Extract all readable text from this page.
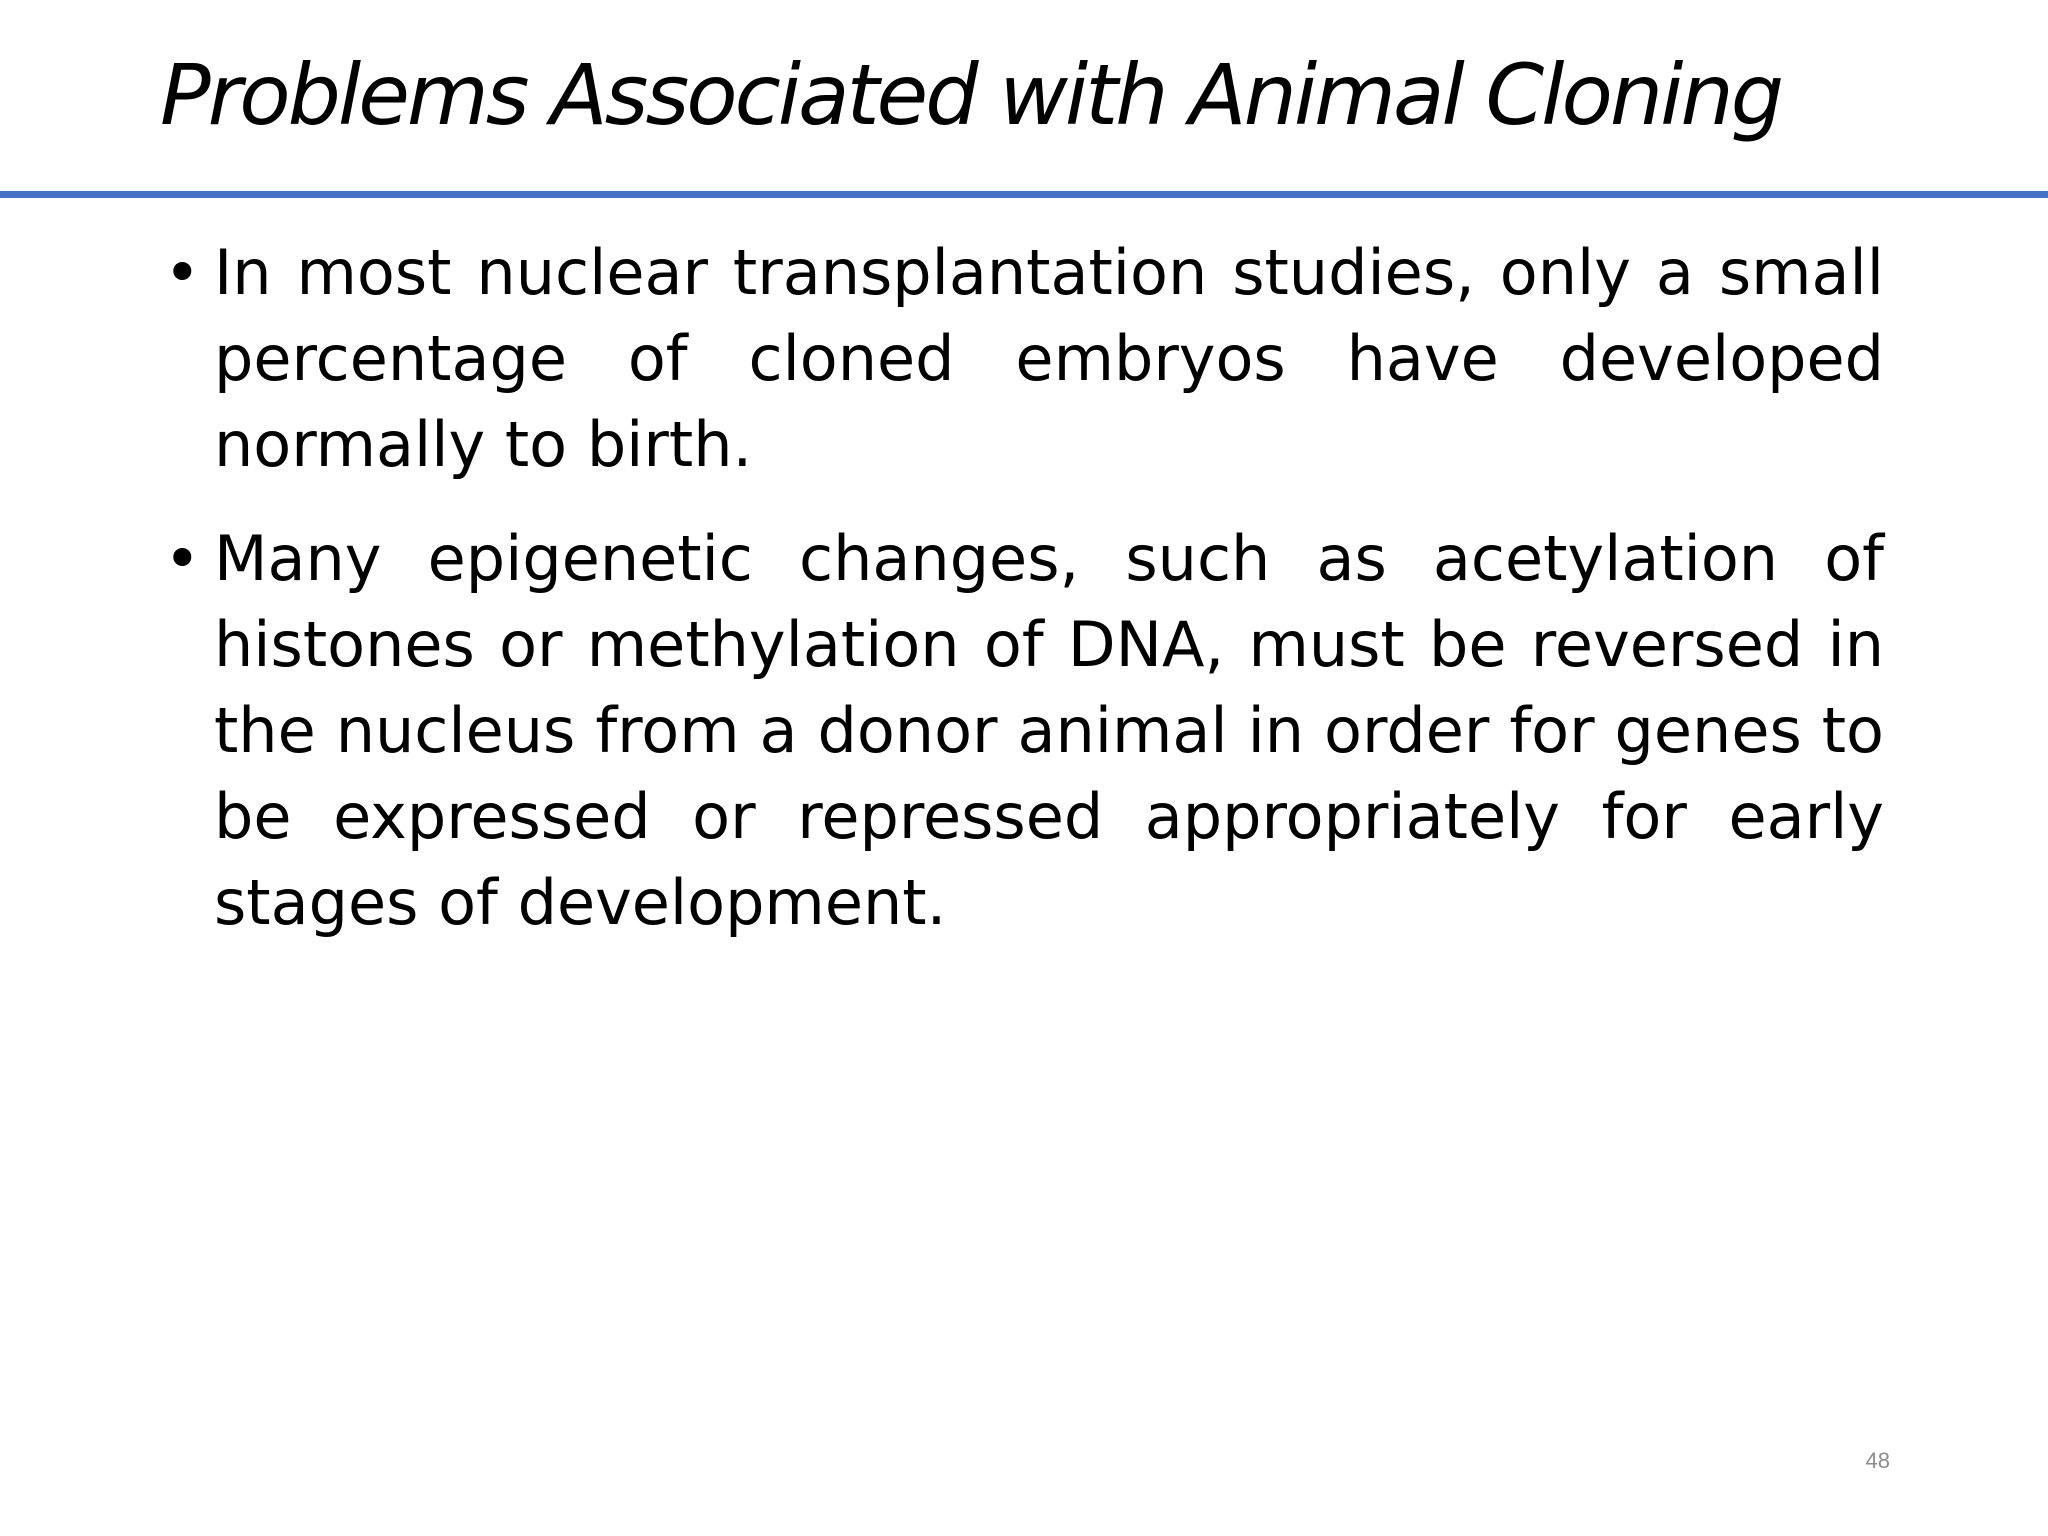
Problems Associated with Animal Cloning
• In most nuclear transplantation studies, only a small percentage of cloned embryos have developed normally to birth.
• Many epigenetic changes, such as acetylation of histones or methylation of DNA, must be reversed in the nucleus from a donor animal in order for genes to be expressed or repressed appropriately for early stages of development.
48
